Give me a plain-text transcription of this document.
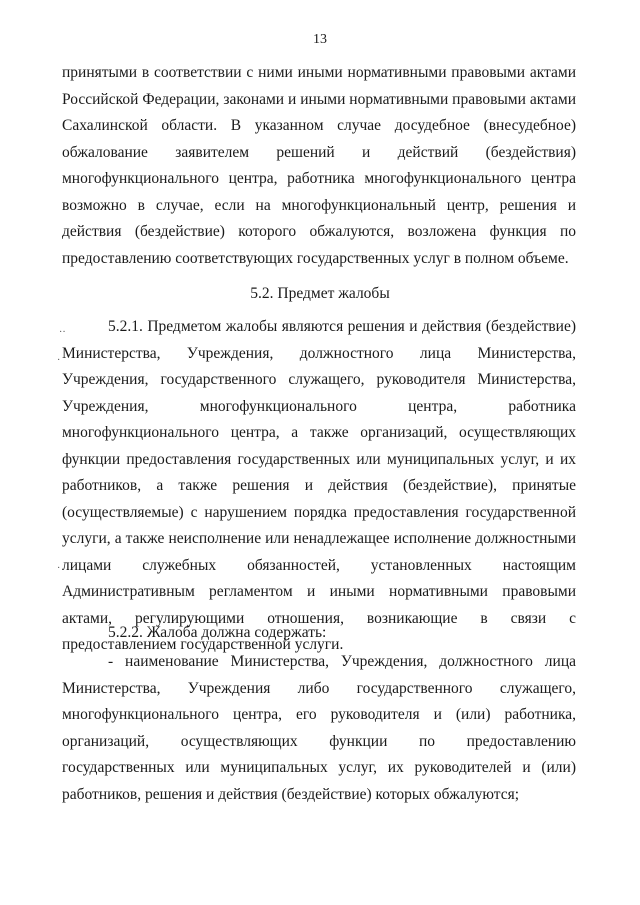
13

принятыми в соответствии с ними иными нормативными правовыми актами Российской Федерации, законами и иными нормативными правовыми актами Сахалинской области. В указанном случае досудебное (внесудебное) обжалование заявителем решений и действий (бездействия) многофункционального центра, работника многофункционального центра возможно в случае, если на многофункциональный центр, решения и действия (бездействие) которого обжалуются, возложена функция по предоставлению соответствующих государственных услуг в полном объеме.

5.2. Предмет жалобы
··
·
·

5.2.1. Предметом жалобы являются решения и действия (бездействие) Министерства, Учреждения, должностного лица Министерства, Учреждения, государственного служащего, руководителя Министерства, Учреждения, многофункционального центра, работника многофункционального центра, а также организаций, осуществляющих функции предоставления государственных или муниципальных услуг, и их работников, а также решения и действия (бездействие), принятые (осуществляемые) с нарушением порядка предоставления государственной услуги, а также неисполнение или ненадлежащее исполнение должностными лицами служебных обязанностей, установленных настоящим Административным регламентом и иными нормативными правовыми актами, регулирующими отношения, возникающие в связи с предоставлением государственной услуги.

5.2.2. Жалоба должна содержать:

- наименование Министерства, Учреждения, должностного лица Министерства, Учреждения либо государственного служащего, многофункционального центра, его руководителя и (или) работника, организаций, осуществляющих функции по предоставлению государственных или муниципальных услуг, их руководителей и (или) работников, решения и действия (бездействие) которых обжалуются;
